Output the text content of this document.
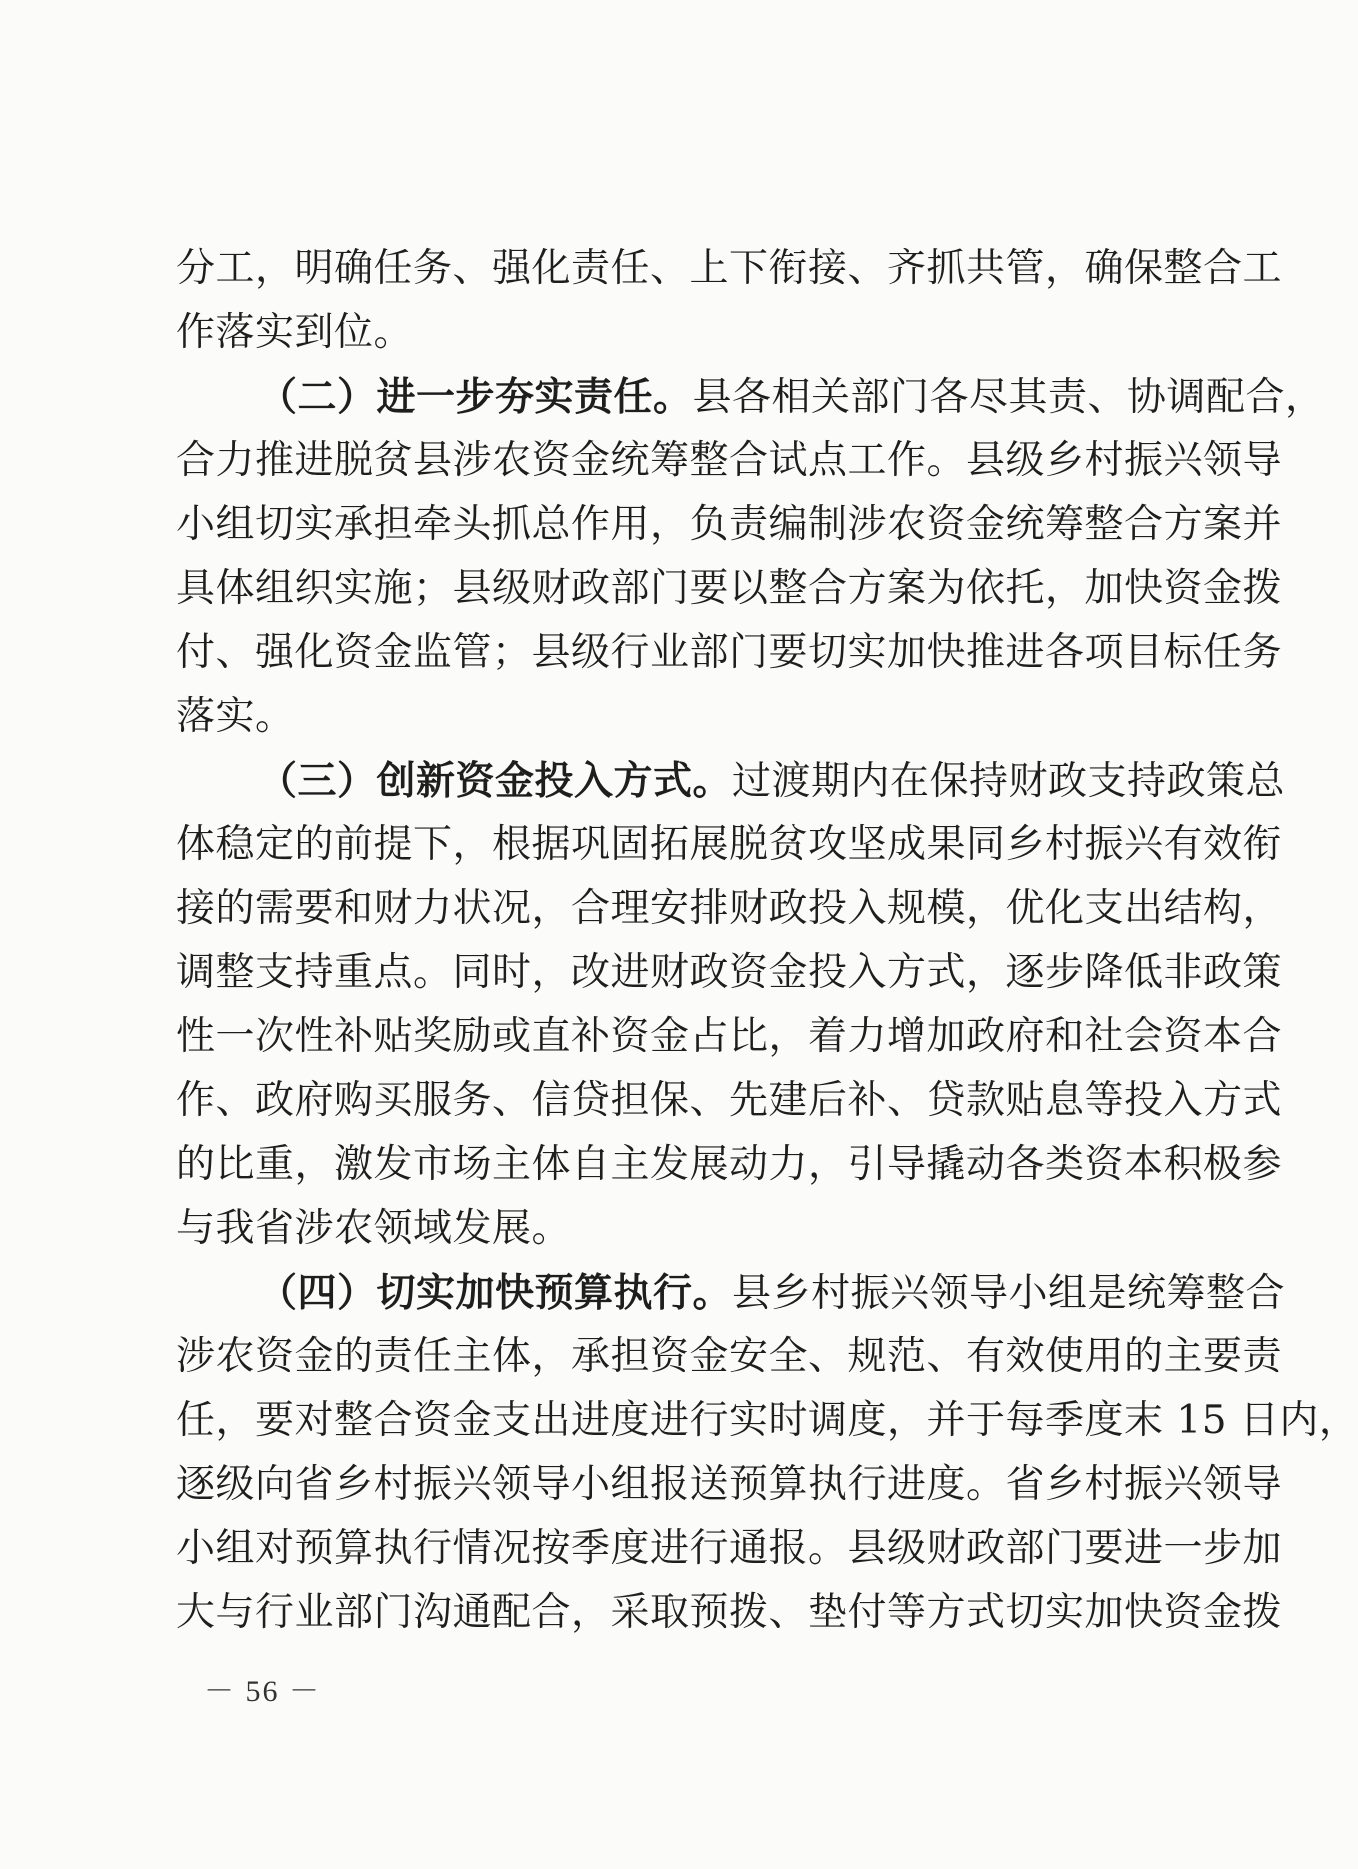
分工，明确任务、强化责任、上下衔接、齐抓共管，确保整合工
作落实到位。
（二）进一步夯实责任。县各相关部门各尽其责、协调配合，
合力推进脱贫县涉农资金统筹整合试点工作。县级乡村振兴领导
小组切实承担牵头抓总作用，负责编制涉农资金统筹整合方案并
具体组织实施；县级财政部门要以整合方案为依托，加快资金拨
付、强化资金监管；县级行业部门要切实加快推进各项目标任务
落实。
（三）创新资金投入方式。过渡期内在保持财政支持政策总
体稳定的前提下，根据巩固拓展脱贫攻坚成果同乡村振兴有效衔
接的需要和财力状况，合理安排财政投入规模，优化支出结构，
调整支持重点。同时，改进财政资金投入方式，逐步降低非政策
性一次性补贴奖励或直补资金占比，着力增加政府和社会资本合
作、政府购买服务、信贷担保、先建后补、贷款贴息等投入方式
的比重，激发市场主体自主发展动力，引导撬动各类资本积极参
与我省涉农领域发展。
（四）切实加快预算执行。县乡村振兴领导小组是统筹整合
涉农资金的责任主体，承担资金安全、规范、有效使用的主要责
任，要对整合资金支出进度进行实时调度，并于每季度末 15 日内，
逐级向省乡村振兴领导小组报送预算执行进度。省乡村振兴领导
小组对预算执行情况按季度进行通报。县级财政部门要进一步加
大与行业部门沟通配合，采取预拨、垫付等方式切实加快资金拨
－ 56 －
